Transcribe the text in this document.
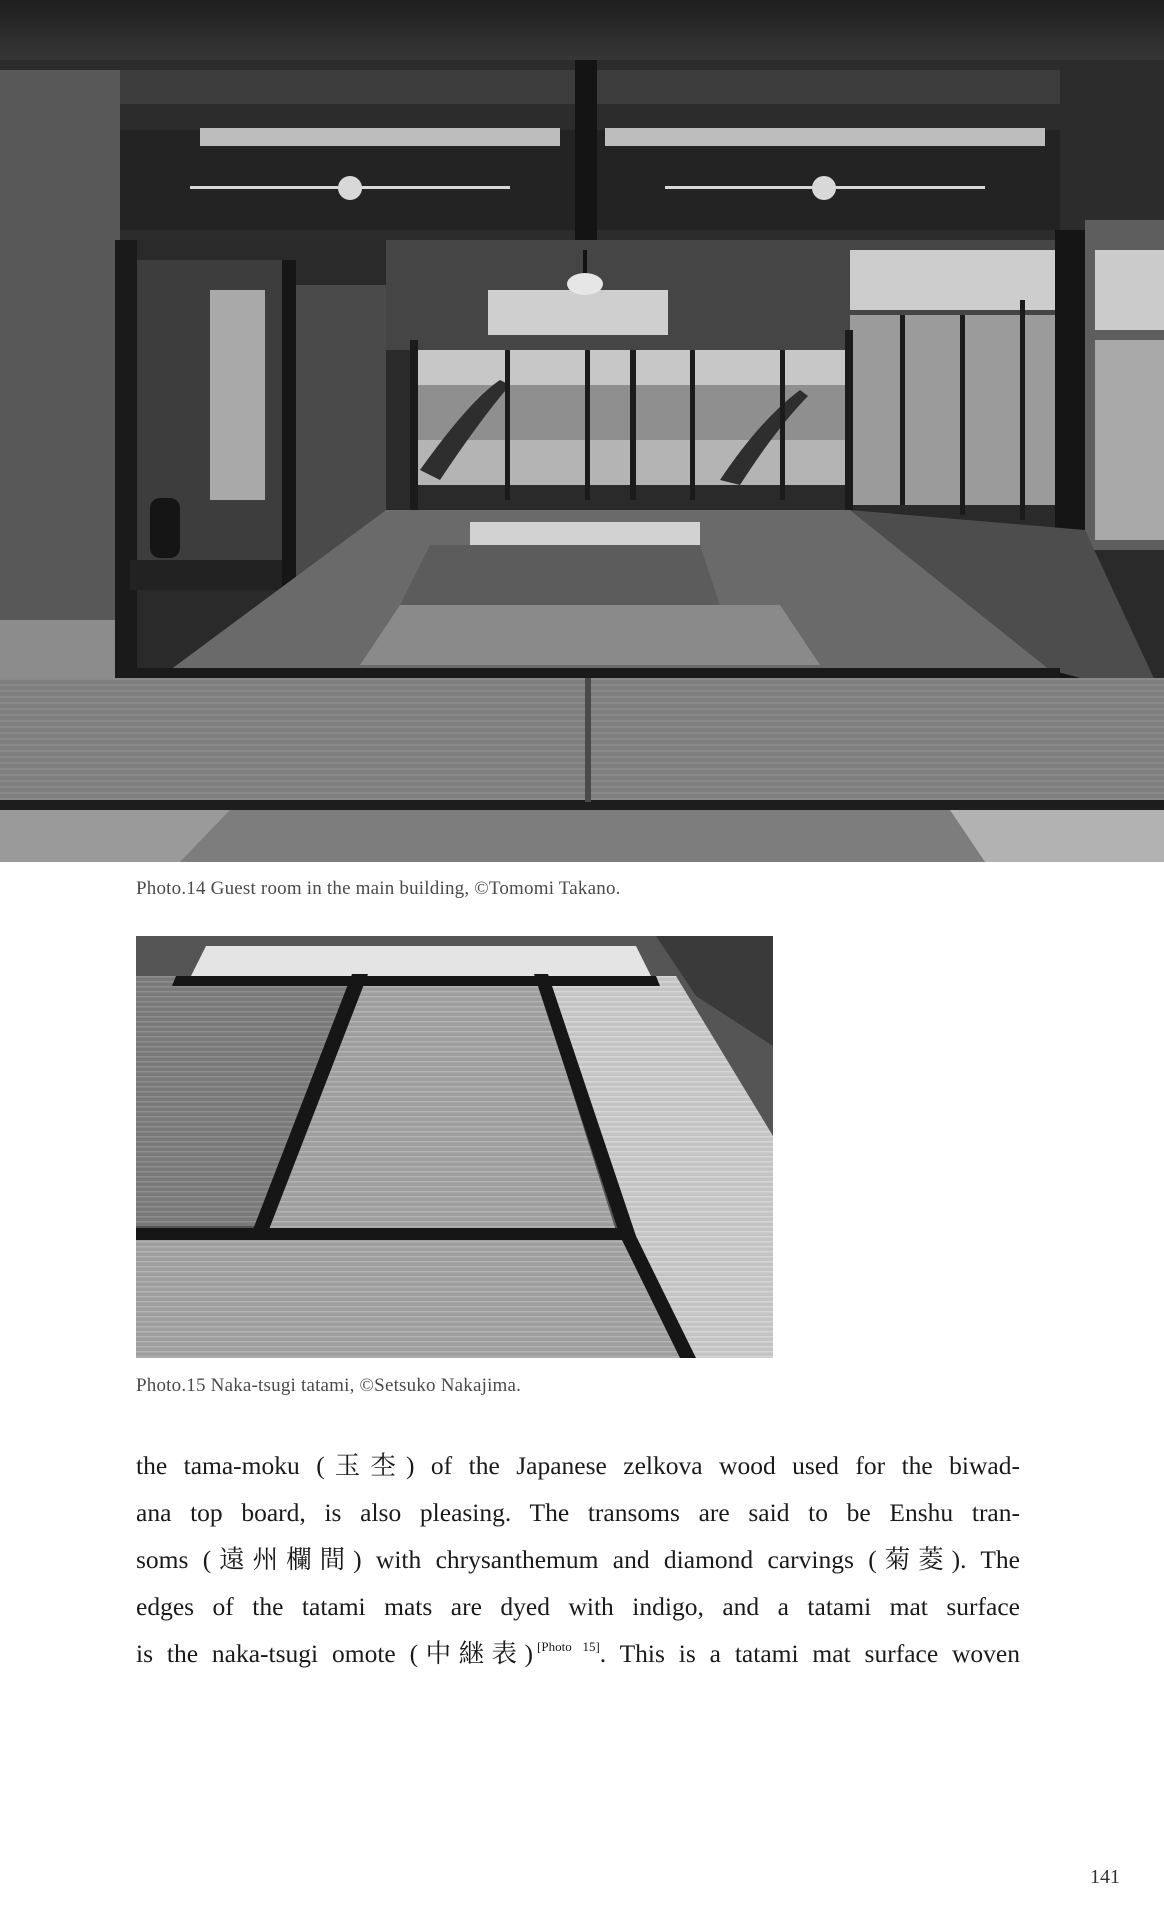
Photo.14 Guest room in the main building, ©Tomomi Takano.
Photo.15 Naka-tsugi tatami, ©Setsuko Nakajima.
the tama-moku (玉杢) of the Japanese zelkova wood used for the biwad-
ana top board, is also pleasing. The transoms are said to be Enshu tran-
soms (遠州欄間) with chrysanthemum and diamond carvings (菊菱). The
edges of the tatami mats are dyed with indigo, and a tatami mat surface
is the naka-tsugi omote (中継表) [Photo 15]. This is a tatami mat surface woven
141
